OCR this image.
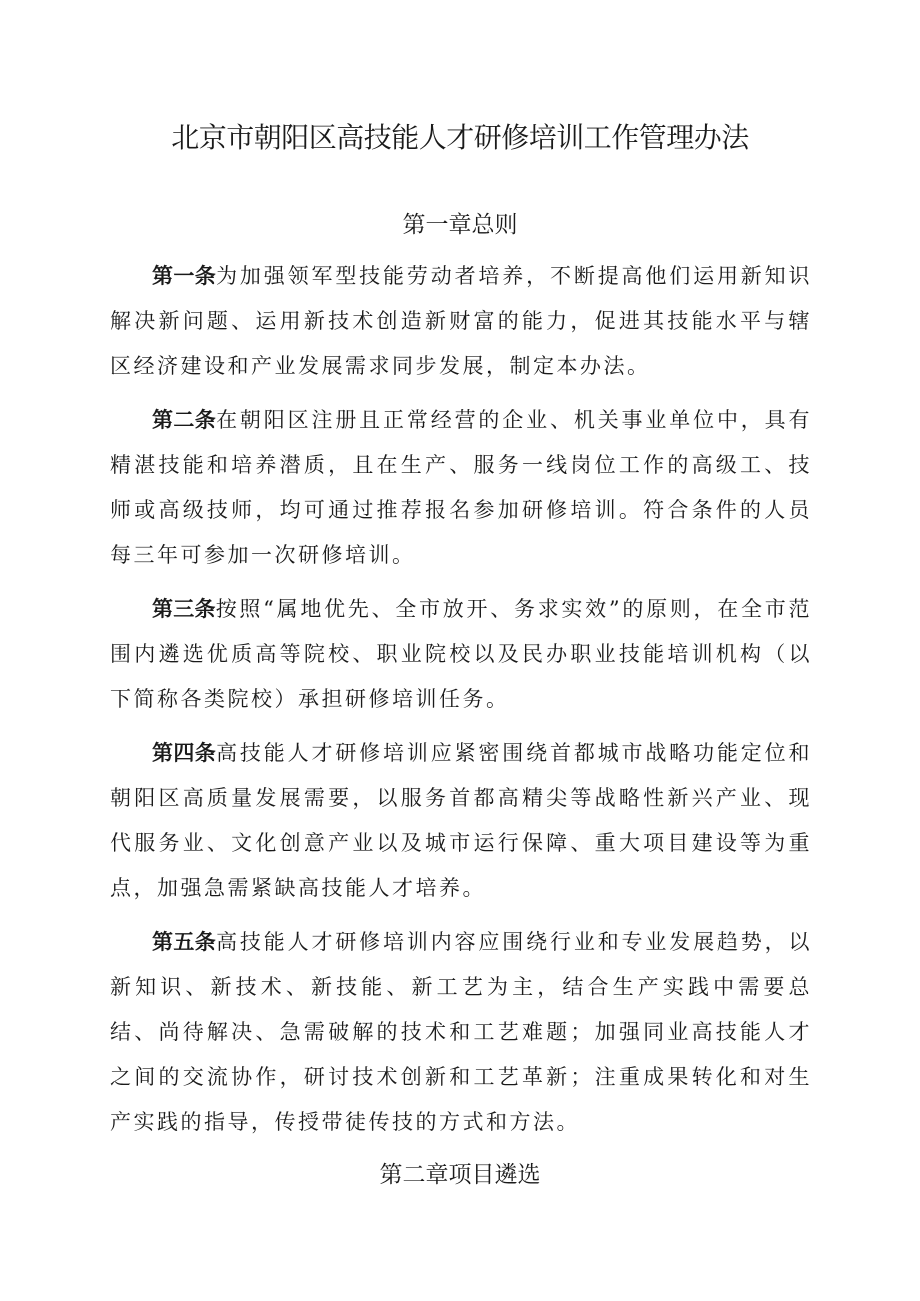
北京市朝阳区高技能人才研修培训工作管理办法
第一章总则

第一条为加强领军型技能劳动者培养，不断提高他们运用新知识解决新问题、运用新技术创造新财富的能力，促进其技能水平与辖区经济建设和产业发展需求同步发展，制定本办法。

第二条在朝阳区注册且正常经营的企业、机关事业单位中，具有精湛技能和培养潜质，且在生产、服务一线岗位工作的高级工、技师或高级技师，均可通过推荐报名参加研修培训。符合条件的人员每三年可参加一次研修培训。

第三条按照“属地优先、全市放开、务求实效”的原则，在全市范围内遴选优质高等院校、职业院校以及民办职业技能培训机构（以下简称各类院校）承担研修培训任务。

第四条高技能人才研修培训应紧密围绕首都城市战略功能定位和朝阳区高质量发展需要，以服务首都高精尖等战略性新兴产业、现代服务业、文化创意产业以及城市运行保障、重大项目建设等为重点，加强急需紧缺高技能人才培养。

第五条高技能人才研修培训内容应围绕行业和专业发展趋势，以新知识、新技术、新技能、新工艺为主，结合生产实践中需要总结、尚待解决、急需破解的技术和工艺难题；加强同业高技能人才之间的交流协作，研讨技术创新和工艺革新；注重成果转化和对生产实践的指导，传授带徒传技的方式和方法。

第二章项目遴选
